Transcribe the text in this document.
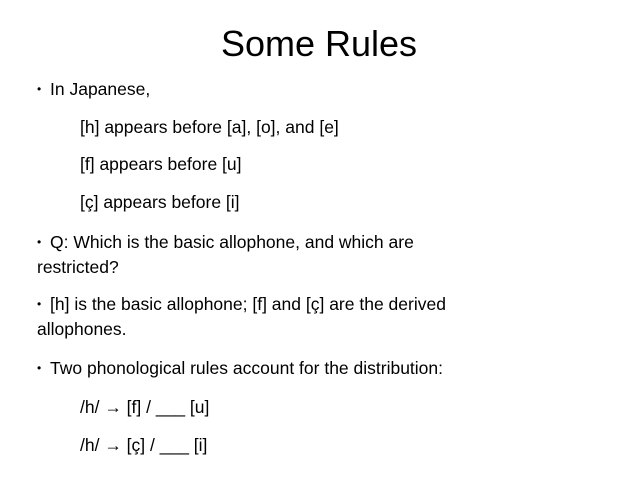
Some Rules
• In Japanese,
[h] appears before [a], [o], and [e]
[f] appears before [u]
[ç] appears before [i]
• Q: Which is the basic allophone, and which are
restricted?
• [h] is the basic allophone; [f] and [ç] are the derived
allophones.
• Two phonological rules account for the distribution:
/h/ → [f] / ___ [u]
/h/ → [ç] / ___ [i]
